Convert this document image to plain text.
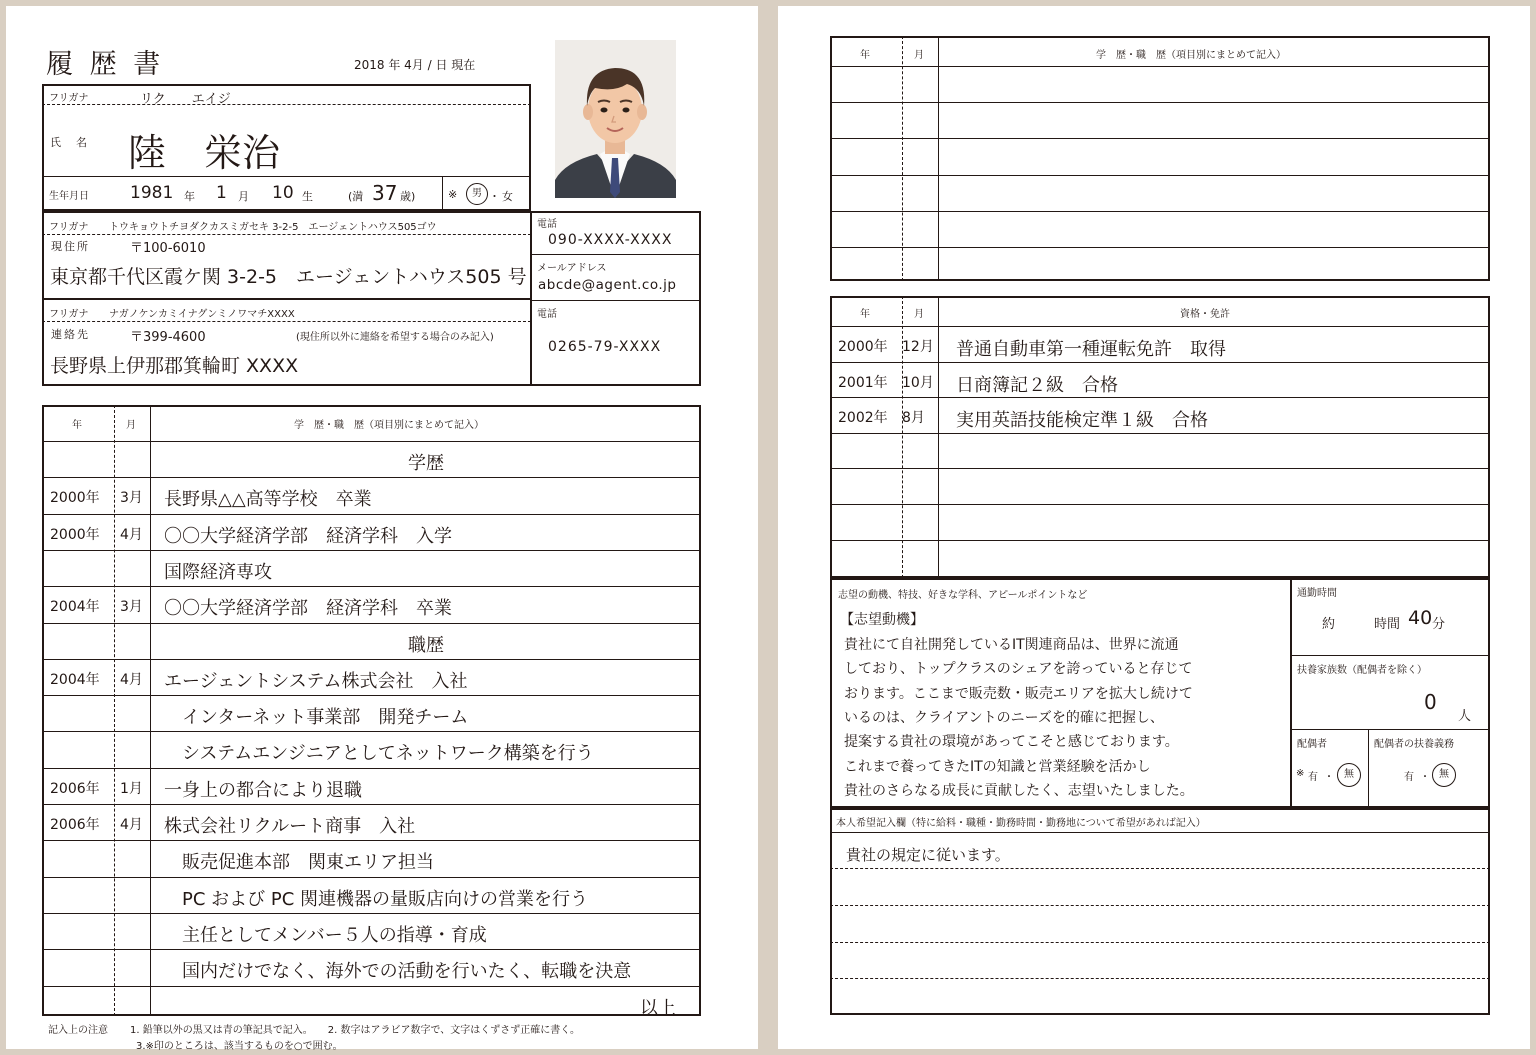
履 歴 書	2018 年 4月 / 日 現在
フリガナ	リク　　エイジ
氏　名 陸　栄治
生年月日 1981 年 1 月 10 生	(満 37 歳)	※	男 ・ 女
フリガナ トウキョウトチヨダクカスミガセキ 3-2-5　エージェントハウス505ゴウ
現住所	〒100-6010
東京都千代区霞ケ関 3-2-5　エージェントハウス505 号
電話
090-XXXX-XXXX
メールアドレス
abcde@agent.co.jp
フリガナ ナガノケンカミイナグンミノワマチXXXX
連絡先	〒399-4600	(現住所以外に連絡を希望する場合のみ記入)
長野県上伊那郡箕輪町 XXXX
電話
0265-79-XXXX
年	月	学　歴・職　歴（項目別にまとめて記入）
学歴
2000年 3月 長野県△△高等学校　卒業
2000年 4月 〇〇大学経済学部　経済学科　入学
国際経済専攻
2004年 3月 〇〇大学経済学部　経済学科　卒業
職歴
2004年 4月 エージェントシステム株式会社　入社
　インターネット事業部　開発チーム
　システムエンジニアとしてネットワーク構築を行う
2006年 1月 一身上の都合により退職
2006年 4月 株式会社リクルート商事　入社
　販売促進本部　関東エリア担当
　PC および PC 関連機器の量販店向けの営業を行う
　主任としてメンバー５人の指導・育成
　国内だけでなく、海外での活動を行いたく、転職を決意
以上
記入上の注意 1. 鉛筆以外の黒又は青の筆記具で記入。　　2. 数字はアラビア数字で、文字はくずさず正確に書く。
3.※印のところは、該当するものを○で囲む。
年	月	学　歴・職　歴（項目別にまとめて記入）
年	月	資格・免許
2000年 12月 普通自動車第一種運転免許　取得
2001年 10月 日商簿記２級　合格
2002年 8月 実用英語技能検定準１級　合格
志望の動機、特技、好きな学科、アピールポイントなど
【志望動機】
貴社にて自社開発しているIT関連商品は、世界に流通
しており、トップクラスのシェアを誇っていると存じて
おります。ここまで販売数・販売エリアを拡大し続けて
いるのは、クライアントのニーズを的確に把握し、
提案する貴社の環境があってこそと感じております。
これまで養ってきたITの知識と営業経験を活かし
貴社のさらなる成長に貢献したく、志望いたしました。
通勤時間
約	時間 40 分
扶養家族数（配偶者を除く）
0
人
配偶者
※ 有 ・	無
配偶者の扶養義務
有 ・ 無
本人希望記入欄（特に給料・職種・勤務時間・勤務地について希望があれば記入）
貴社の規定に従います。
